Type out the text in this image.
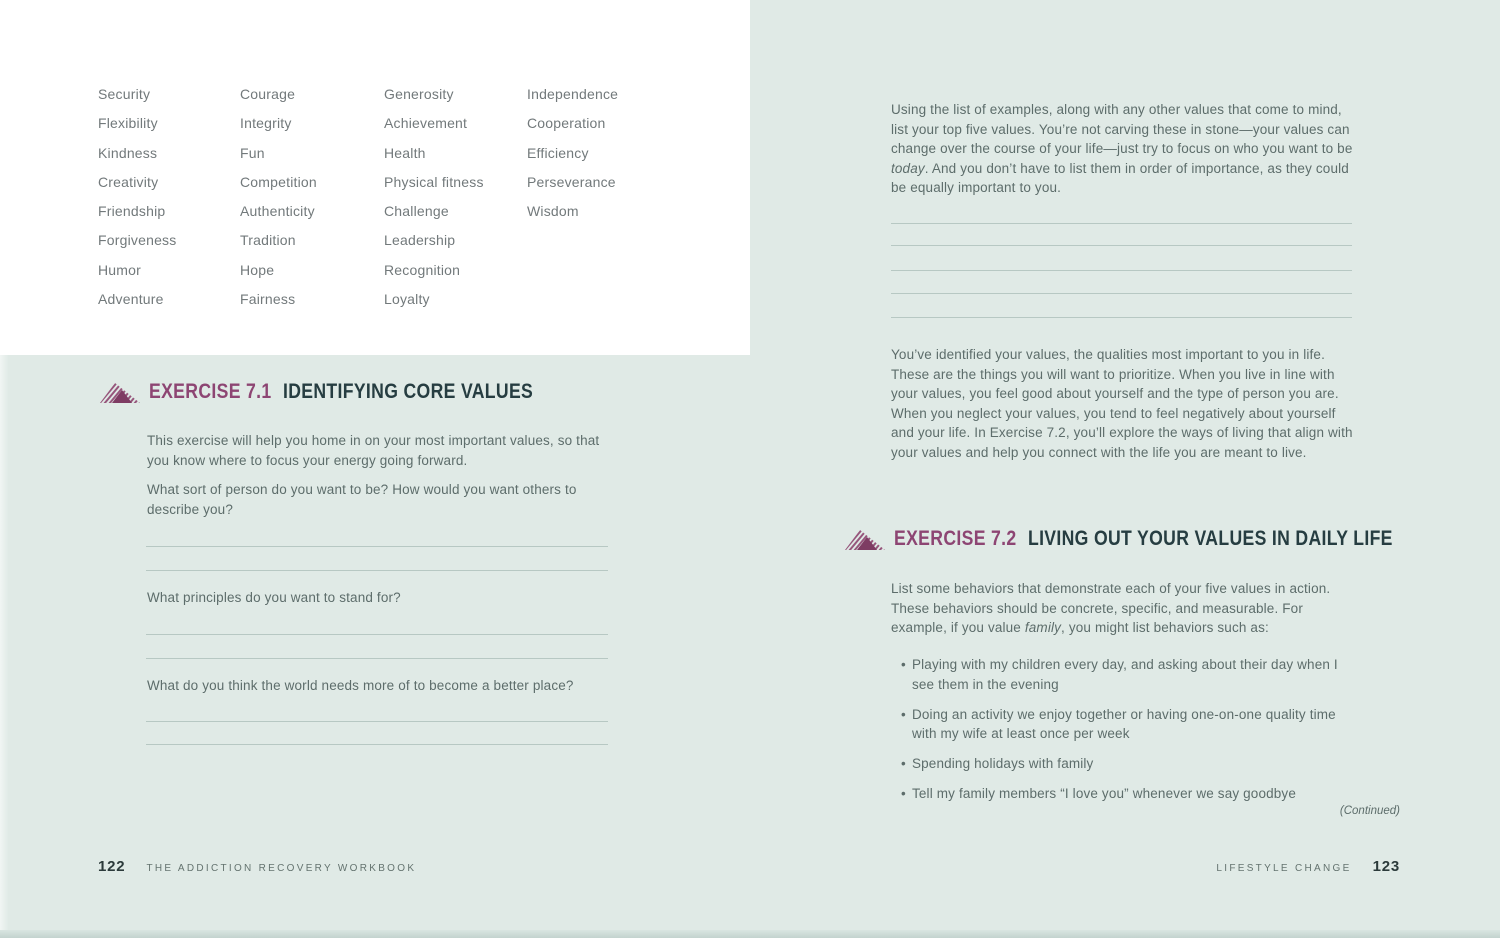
Security
Flexibility
Kindness
Creativity
Friendship
Forgiveness
Humor
Adventure
Courage
Integrity
Fun
Competition
Authenticity
Tradition
Hope
Fairness
Generosity
Achievement
Health
Physical fitness
Challenge
Leadership
Recognition
Loyalty
Independence
Cooperation
Efficiency
Perseverance
Wisdom
EXERCISE 7.1 IDENTIFYING CORE VALUES

This exercise will help you home in on your most important values, so that you know where to focus your energy going forward.

What sort of person do you want to be? How would you want others to describe you?

What principles do you want to stand for?

What do you think the world needs more of to become a better place?

122 THE ADDICTION RECOVERY WORKBOOK

Using the list of examples, along with any other values that come to mind, list your top five values. You’re not carving these in stone—your values can change over the course of your life—just try to focus on who you want to be today. And you don’t have to list them in order of importance, as they could be equally important to you.

You’ve identified your values, the qualities most important to you in life. These are the things you will want to prioritize. When you live in line with your values, you feel good about yourself and the type of person you are. When you neglect your values, you tend to feel negatively about yourself and your life. In Exercise 7.2, you’ll explore the ways of living that align with your values and help you connect with the life you are meant to live.

EXERCISE 7.2 LIVING OUT YOUR VALUES IN DAILY LIFE

List some behaviors that demonstrate each of your five values in action. These behaviors should be concrete, specific, and measurable. For example, if you value family, you might list behaviors such as:

• Playing with my children every day, and asking about their day when I see them in the evening
• Doing an activity we enjoy together or having one-on-one quality time with my wife at least once per week
• Spending holidays with family
• Tell my family members “I love you” whenever we say goodbye
(Continued)
LIFESTYLE CHANGE 123
